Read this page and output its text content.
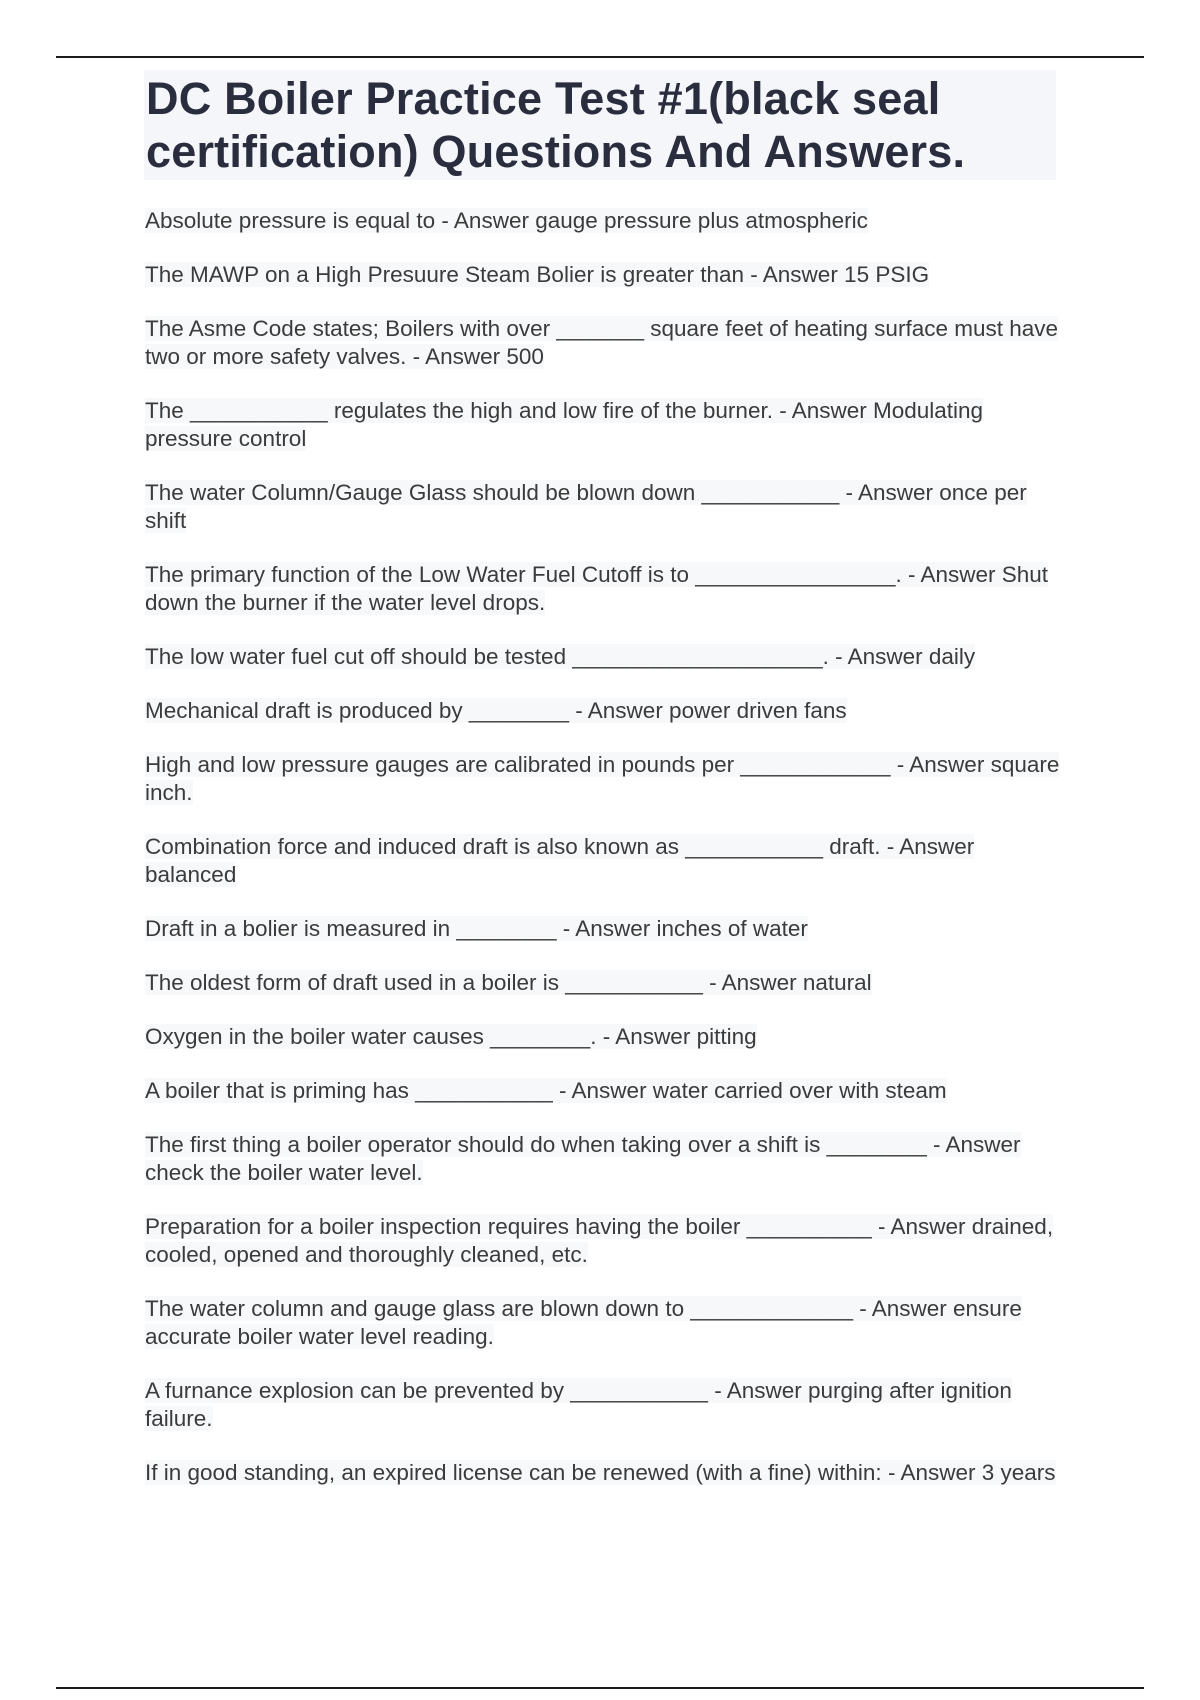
DC Boiler Practice Test #1(black seal certification) Questions And Answers.
Absolute pressure is equal to - Answer gauge pressure plus atmospheric
The MAWP on a High Presuure Steam Bolier is greater than - Answer 15 PSIG
The Asme Code states; Boilers with over _______ square feet of heating surface must have two or more safety valves. - Answer 500
The ___________ regulates the high and low fire of the burner. - Answer Modulating pressure control
The water Column/Gauge Glass should be blown down ___________ - Answer once per shift
The primary function of the Low Water Fuel Cutoff is to ________________. - Answer Shut down the burner if the water level drops.
The low water fuel cut off should be tested ____________________. - Answer daily
Mechanical draft is produced by ________ - Answer power driven fans
High and low pressure gauges are calibrated in pounds per ____________ - Answer square inch.
Combination force and induced draft is also known as ___________ draft. - Answer balanced
Draft in a bolier is measured in ________ - Answer inches of water
The oldest form of draft used in a boiler is ___________ - Answer natural
Oxygen in the boiler water causes ________. - Answer pitting
A boiler that is priming has ___________ - Answer water carried over with steam
The first thing a boiler operator should do when taking over a shift is ________ - Answer check the boiler water level.
Preparation for a boiler inspection requires having the boiler __________ - Answer drained, cooled, opened and thoroughly cleaned, etc.
The water column and gauge glass are blown down to _____________ - Answer ensure accurate boiler water level reading.
A furnance explosion can be prevented by ___________ - Answer purging after ignition failure.
If in good standing, an expired license can be renewed (with a fine) within: - Answer 3 years
